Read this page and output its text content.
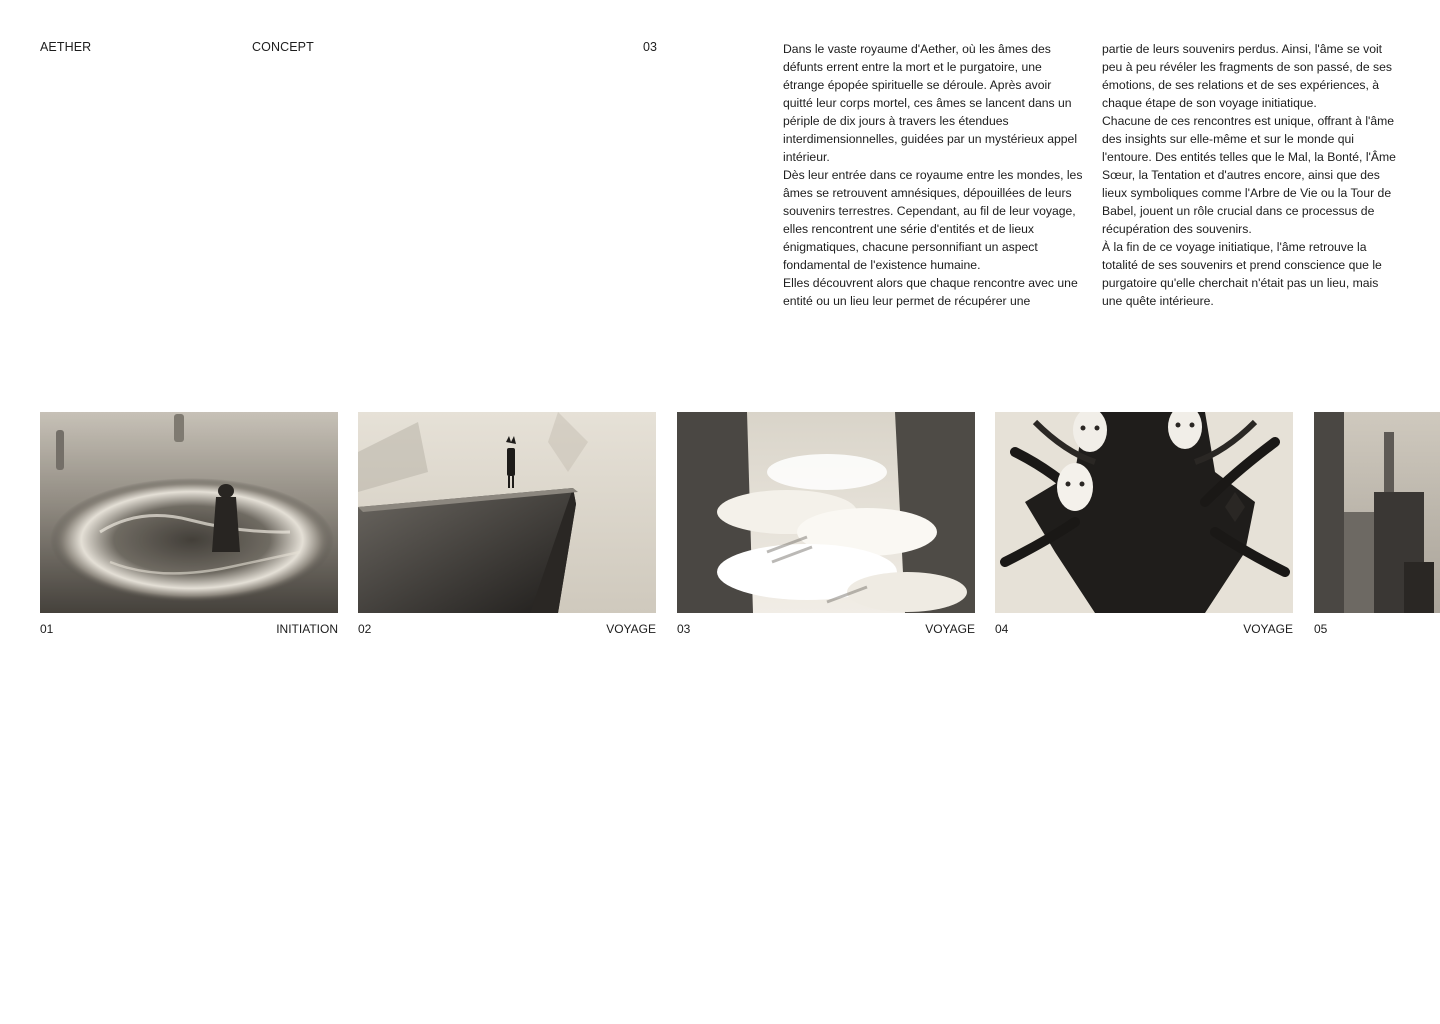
AETHER	CONCEPT	03	Dans le vaste royaume d'Aether, où les âmes des défunts errent entre la mort et le purgatoire, une étrange épopée spirituelle se déroule. Après avoir quitté leur corps mortel, ces âmes se lancent dans un périple de dix jours à travers les étendues interdimensionnelles, guidées par un mystérieux appel intérieur.

Dès leur entrée dans ce royaume entre les mondes, les âmes se retrouvent amnésiques, dépouillées de leurs souvenirs terrestres. Cependant, au fil de leur voyage, elles rencontrent une série d'entités et de lieux énigmatiques, chacune personnifiant un aspect fondamental de l'existence humaine.

Elles découvrent alors que chaque rencontre avec une entité ou un lieu leur permet de récupérer une

partie de leurs souvenirs perdus. Ainsi, l'âme se voit peu à peu révéler les fragments de son passé, de ses émotions, de ses relations et de ses expériences, à chaque étape de son voyage initiatique.

Chacune de ces rencontres est unique, offrant à l'âme des insights sur elle-même et sur le monde qui l'entoure. Des entités telles que le Mal, la Bonté, l'Âme Sœur, la Tentation et d'autres encore, ainsi que des lieux symboliques comme l'Arbre de Vie ou la Tour de Babel, jouent un rôle crucial dans ce processus de récupération des souvenirs.

À la fin de ce voyage initiatique, l'âme retrouve la totalité de ses souvenirs et prend conscience que le purgatoire qu'elle cherchait n'était pas un lieu, mais une quête intérieure.

01	INITIATION 02	VOYAGE 03	VOYAGE 04	VOYAGE 05
